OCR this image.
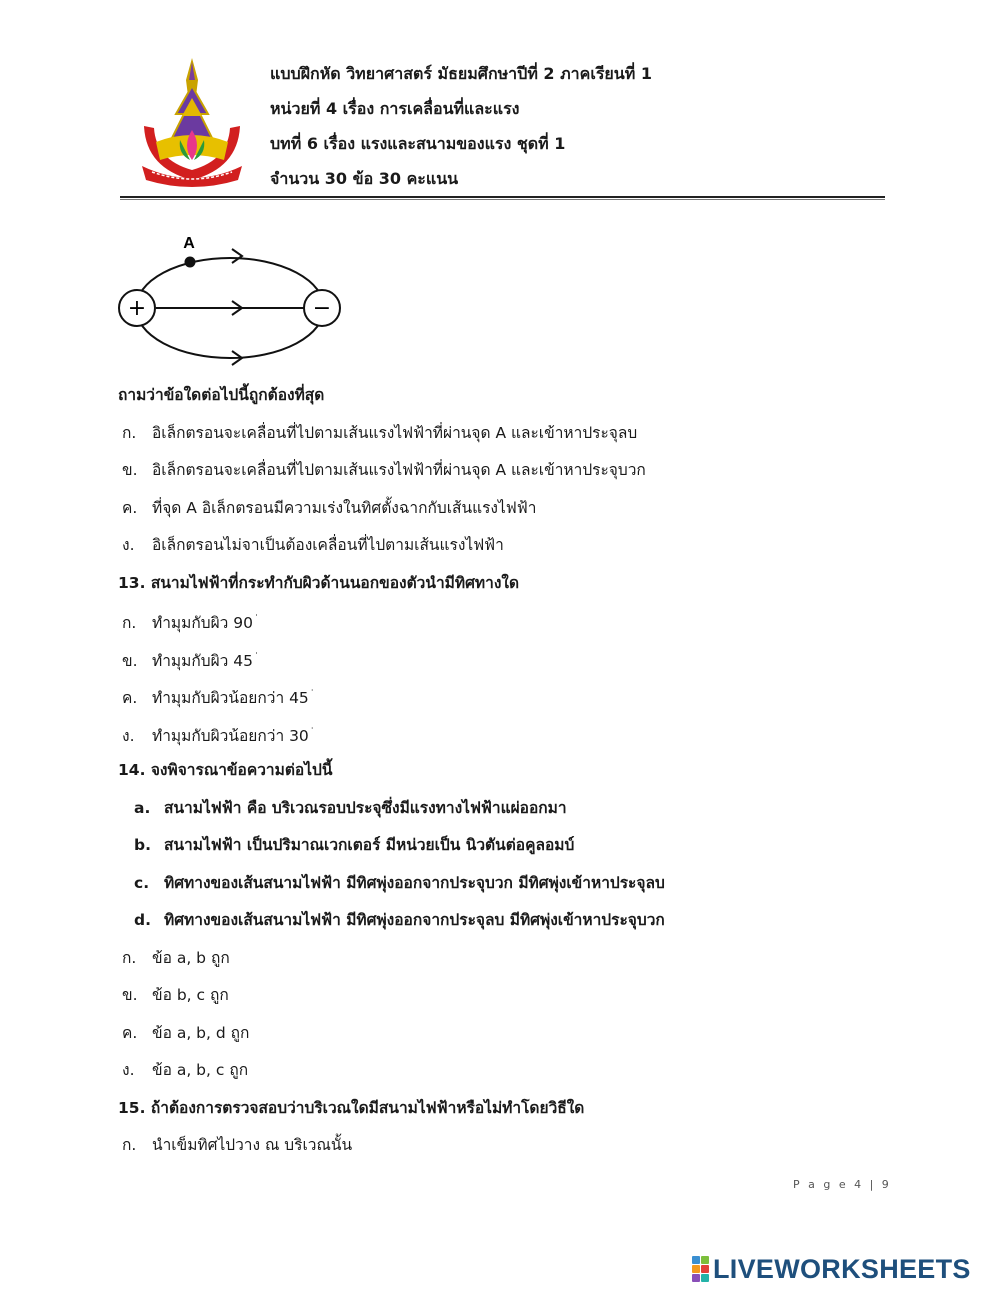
แบบฝึกหัด วิทยาศาสตร์ มัธยมศึกษาปีที่ 2 ภาคเรียนที่ 1
หน่วยที่ 4 เรื่อง การเคลื่อนที่และแรง
บทที่ 6 เรื่อง แรงและสนามของแรง ชุดที่ 1
จำนวน 30 ข้อ 30 คะแนน
+	−
A
ถามว่าข้อใดต่อไปนี้ถูกต้องที่สุด
ก. อิเล็กตรอนจะเคลื่อนที่ไปตามเส้นแรงไฟฟ้าที่ผ่านจุด A และเข้าหาประจุลบ
ข. อิเล็กตรอนจะเคลื่อนที่ไปตามเส้นแรงไฟฟ้าที่ผ่านจุด A และเข้าหาประจุบวก
ค. ที่จุด A อิเล็กตรอนมีความเร่งในทิศตั้งฉากกับเส้นแรงไฟฟ้า
ง. อิเล็กตรอนไม่จาเป็นต้องเคลื่อนที่ไปตามเส้นแรงไฟฟ้า
13. สนามไฟฟ้าที่กระทำกับผิวด้านนอกของตัวนำมีทิศทางใด
ก. ทำมุมกับผิว 90˙
ข. ทำมุมกับผิว 45˙
ค. ทำมุมกับผิวน้อยกว่า 45˙
ง. ทำมุมกับผิวน้อยกว่า 30˙
14. จงพิจารณาข้อความต่อไปนี้
a. สนามไฟฟ้า คือ บริเวณรอบประจุซึ่งมีแรงทางไฟฟ้าแผ่ออกมา
b. สนามไฟฟ้า เป็นปริมาณเวกเตอร์ มีหน่วยเป็น นิวตันต่อคูลอมบ์
c. ทิศทางของเส้นสนามไฟฟ้า มีทิศพุ่งออกจากประจุบวก มีทิศพุ่งเข้าหาประจุลบ
d. ทิศทางของเส้นสนามไฟฟ้า มีทิศพุ่งออกจากประจุลบ มีทิศพุ่งเข้าหาประจุบวก
ก. ข้อ a, b ถูก
ข. ข้อ b, c ถูก
ค. ข้อ a, b, d ถูก
ง. ข้อ a, b, c ถูก
15. ถ้าต้องการตรวจสอบว่าบริเวณใดมีสนามไฟฟ้าหรือไม่ทำโดยวิธีใด
ก. นำเข็มทิศไปวาง ณ บริเวณนั้น
P a g e 4 | 9
LIVEWORKSHEETS
